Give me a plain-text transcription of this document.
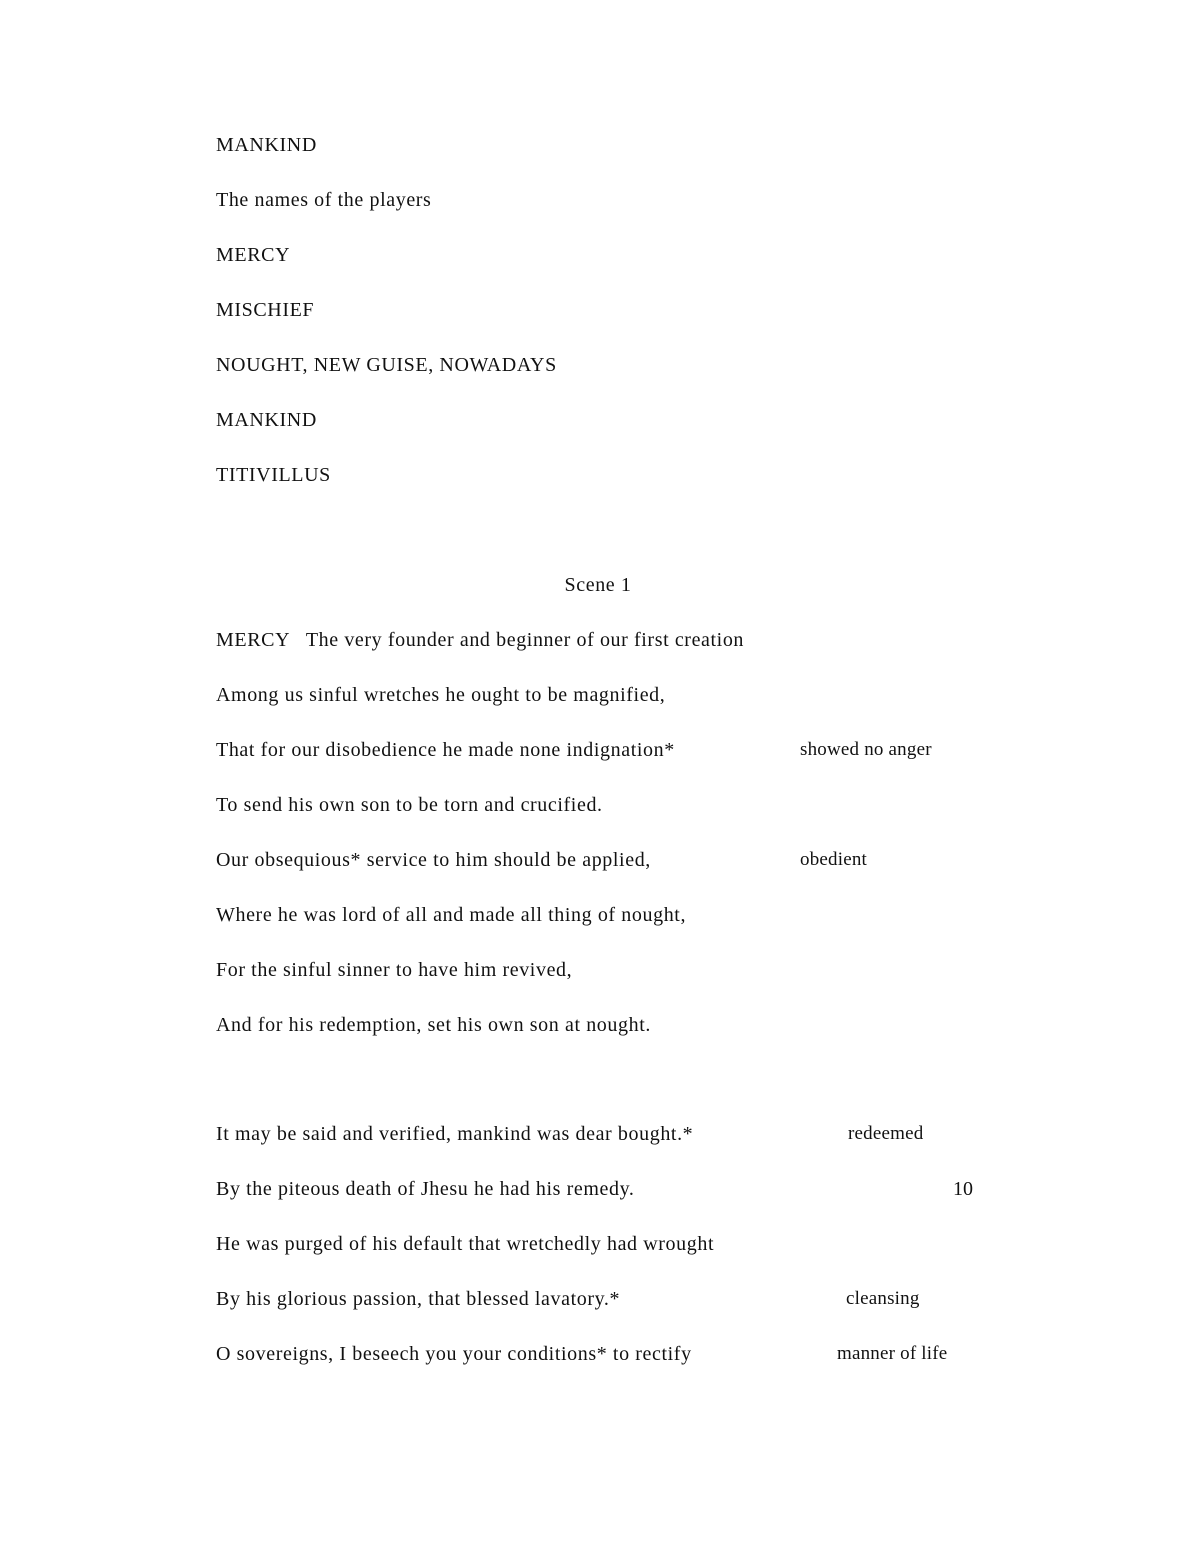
MANKIND
The names of the players
MERCY
MISCHIEF
NOUGHT, NEW GUISE, NOWADAYS
MANKIND
TITIVILLUS
Scene 1
MERCY   The very founder and beginner of our first creation
Among us sinful wretches he ought to be magnified,
That for our disobedience he made none indignation*	showed no anger
To send his own son to be torn and crucified.
Our obsequious* service to him should be applied,	obedient
Where he was lord of all and made all thing of nought,
For the sinful sinner to have him revived,
And for his redemption, set his own son at nought.
It may be said and verified, mankind was dear bought.*	redeemed
By the piteous death of Jhesu he had his remedy.	10
He was purged of his default that wretchedly had wrought
By his glorious passion, that blessed lavatory.*	cleansing
O sovereigns, I beseech you your conditions* to rectify	manner of life
